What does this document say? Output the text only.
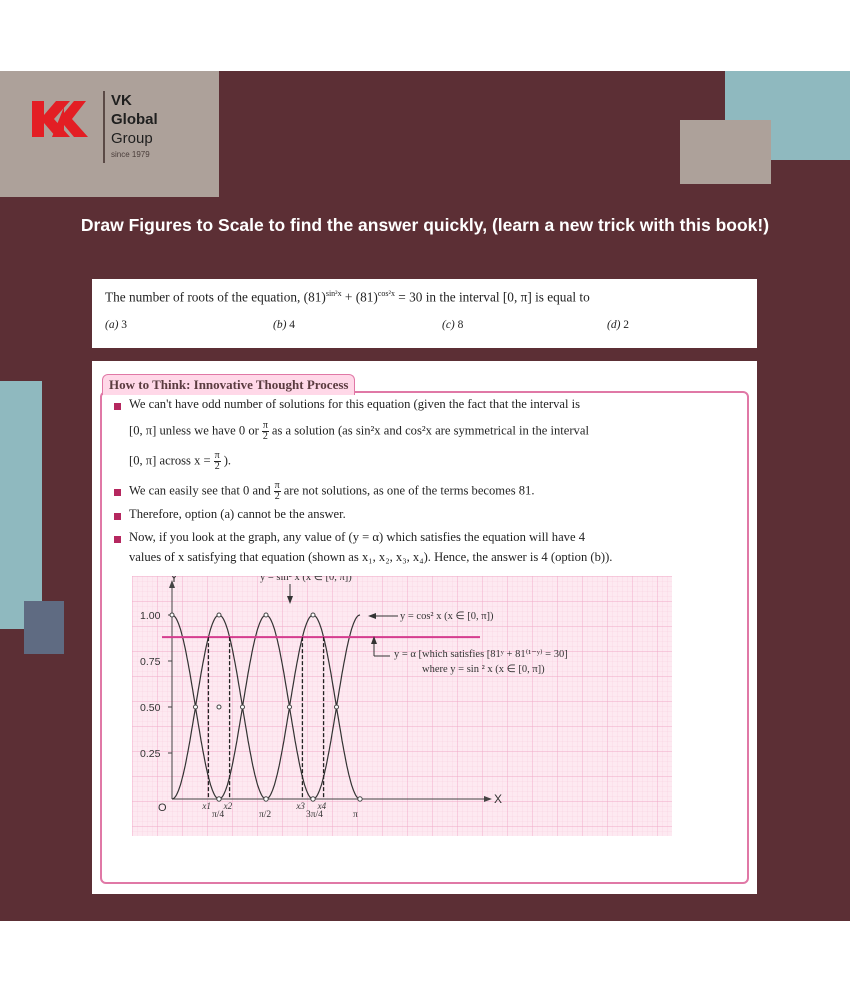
VK
Global
Group
since 1979
Draw Figures to Scale to find the answer quickly, (learn a new trick with this book!)
The number of roots of the equation, $(81)^{sin^2x} + (81)^{cos^2x} = 30$ in the interval [0, π] is equal to
(a) 3	(b) 4	(c) 8	(d) 2
How to Think: Innovative Thought Process
We can't have odd number of solutions for this equation (given the fact that the interval is
[0, π] unless we have 0 or $\frac{\pi}{2}$ as a solution (as sin²x and cos²x are symmetrical in the interval
[0, π] across $x = \frac{\pi}{2}$ ).
We can easily see that 0 and $\frac{\pi}{2}$ are not solutions, as one of the terms becomes 81.
Therefore, option (a) cannot be the answer.
Now, if you look at the graph, any value of (y = α) which satisfies the equation will have 4
values of x satisfying that equation (shown as x₁, x₂, x₃, x₄). Hence, the answer is 4 (option (b)).
Y
X
O
1.00
0.75
0.50
0.25
x1 x2	x3 x4
π/4	π/2	3π/4	π
y = sin² x (x ∈ [0, π])
y = cos² x (x ∈ [0, π])
y = α [which satisfies [81ʸ + 81⁽¹⁻ʸ⁾ = 30]
where y = sin ² x (x ∈ [0, π])
